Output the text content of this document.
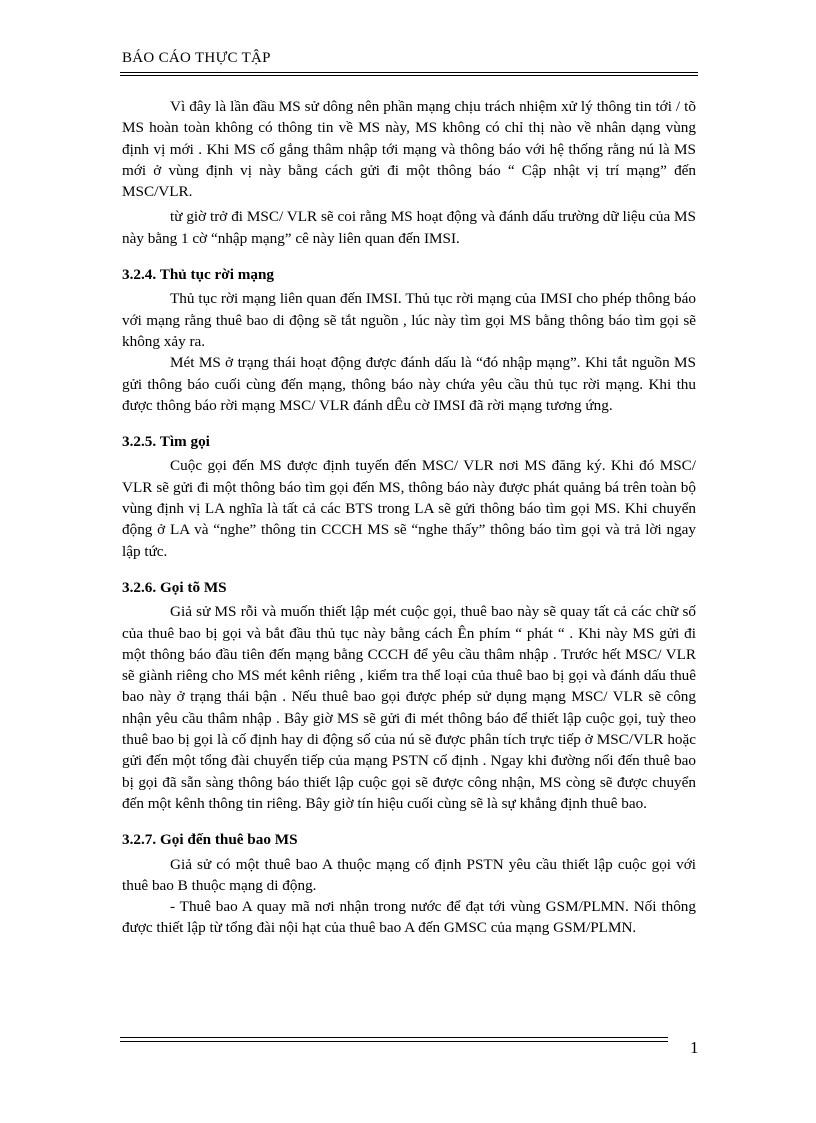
BÁO CÁO THỰC TẬP

Vì đây là lần đầu MS sử dông nên phần mạng chịu trách nhiệm xử lý thông tin tới / tõ MS hoàn toàn không có thông tin về MS này, MS không có chỉ thị nào về nhân dạng vùng định vị mới . Khi MS cố gắng thâm nhập tới mạng và thông báo với hệ thống rằng nú là MS mới ở vùng định vị này bằng cách gửi đi một thông báo “ Cập nhật vị trí mạng” đến MSC/VLR.

từ giờ trở đi MSC/ VLR sẽ coi rằng MS hoạt động và đánh dấu trường dữ liệu của MS này bằng 1 cờ “nhập mạng” cê này liên quan đến IMSI.

3.2.4. Thủ tục rời mạng

Thủ tục rời mạng liên quan đến IMSI. Thủ tục rời mạng của IMSI cho phép thông báo với mạng rằng thuê bao di động sẽ tắt nguồn , lúc này tìm gọi MS bằng thông báo tìm gọi sẽ không xảy ra.

Mét MS ở trạng thái hoạt động được đánh dấu là “đó nhập mạng”. Khi tắt nguồn MS gửi thông báo cuối cùng đến mạng, thông báo này chứa yêu cầu thủ tục rời mạng. Khi thu được thông báo rời mạng MSC/ VLR đánh dÊu cờ IMSI đã rời mạng tương ứng.

3.2.5. Tìm gọi

Cuộc gọi đến MS được định tuyến đến MSC/ VLR nơi MS đăng ký. Khi đó MSC/ VLR sẽ gửi đi một thông báo tìm gọi đến MS, thông báo này được phát quảng bá trên toàn bộ vùng định vị LA nghĩa là tất cả các BTS trong LA sẽ gửi thông báo tìm gọi MS. Khi chuyển động ở LA và “nghe” thông tin CCCH MS sẽ “nghe thấy” thông báo tìm gọi và trả lời ngay lập tức.

3.2.6. Gọi tõ MS

Giả sử MS rỗi và muốn thiết lập mét cuộc gọi, thuê bao này sẽ quay tất cả các chữ số của thuê bao bị gọi và bắt đầu thủ tục này bằng cách Ên phím “ phát “ . Khi này MS gửi đi một thông báo đầu tiên đến mạng bằng CCCH để yêu cầu thâm nhập . Trước hết MSC/ VLR sẽ giành riêng cho MS mét kênh riêng , kiểm tra thể loại của thuê bao bị gọi và đánh dấu thuê bao này ở trạng thái bận . Nếu thuê bao gọi được phép sử dụng mạng MSC/ VLR sẽ công nhận yêu cầu thâm nhập . Bây giờ MS sẽ gửi đi mét thông báo để thiết lập cuộc gọi, tuỳ theo thuê bao bị gọi là cố định hay di động số của nú sẽ được phân tích trực tiếp ở MSC/VLR hoặc gửi đến một tổng đài chuyển tiếp của mạng PSTN cố định . Ngay khi đường nối đến thuê bao bị gọi đã sẵn sàng thông báo thiết lập cuộc gọi sẽ được công nhận, MS còng sẽ được chuyển đến một kênh thông tin riêng. Bây giờ tín hiệu cuối cùng sẽ là sự khẳng định thuê bao.

3.2.7. Gọi đến thuê bao MS

Giả sử có một thuê bao A thuộc mạng cố định PSTN yêu cầu thiết lập cuộc gọi với thuê bao B thuộc mạng di động.

- Thuê bao A quay mã nơi nhận trong nước để đạt tới vùng GSM/PLMN. Nối thông được thiết lập từ tổng đài nội hạt của thuê bao A đến GMSC của mạng GSM/PLMN.

1
